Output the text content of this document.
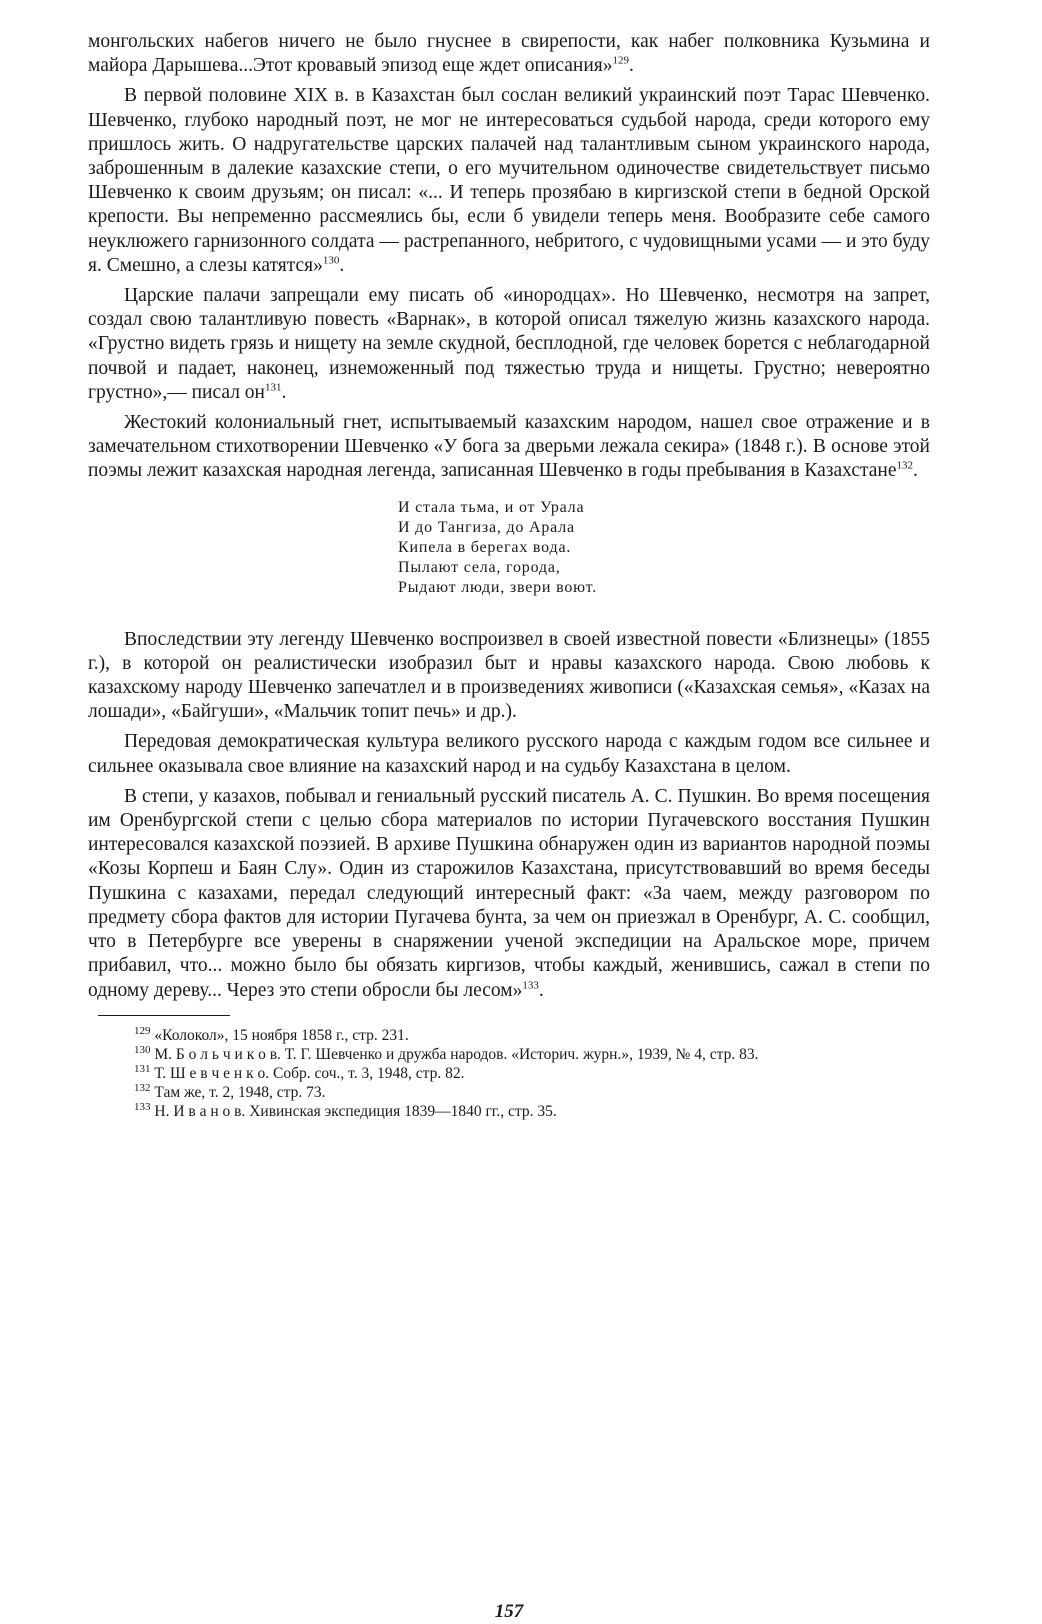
монгольских набегов ничего не было гнуснее в свирепости, как набег полковника Кузьмина и майора Дарышева...Этот кровавый эпизод еще ждет описания»$^{129}$.

В первой половине XIX в. в Казахстан был сослан великий украинский поэт Тарас Шевченко. Шевченко, глубоко народный поэт, не мог не интересоваться судьбой народа, среди которого ему пришлось жить. О надругательстве царских палачей над талантливым сыном украинского народа, заброшенным в далекие казахские степи, о его мучительном одиночестве свидетельствует письмо Шевченко к своим друзьям; он писал: «... И теперь прозябаю в киргизской степи в бедной Орской крепости. Вы непременно рассмеялись бы, если б увидели теперь меня. Вообразите себе самого неуклюжего гарнизонного солдата — растрепанного, небритого, с чудовищными усами — и это буду я. Смешно, а слезы катятся»$^{130}$.

Царские палачи запрещали ему писать об «инородцах». Но Шевченко, несмотря на запрет, создал свою талантливую повесть «Варнак», в которой описал тяжелую жизнь казахского народа. «Грустно видеть грязь и нищету на земле скудной, бесплодной, где человек борется с неблагодарной почвой и падает, наконец, изнеможенный под тяжестью труда и нищеты. Грустно; невероятно грустно»,— писал $он^{131}$.

Жестокий колониальный гнет, испытываемый казахским народом, нашел свое отражение и в замечательном стихотворении Шевченко «У бога за дверьми лежала секира» (1848 г.). В основе этой поэмы лежит казахская народная легенда, записанная Шевченко в годы пребывания в Казахстане$^{132}$.

И стала тьма, и от Урала
И до Тангиза, до Арала
Кипела в берегах вода.
Пылают села, города,
Рыдают люди, звери воют.

Впоследствии эту легенду Шевченко воспроизвел в своей известной повести «Близнецы» (1855 г.), в которой он реалистически изобразил быт и нравы казахского народа. Свою любовь к казахскому народу Шевченко запечатлел и в произведениях живописи («Казахская семья», «Казах на лошади», «Байгуши», «Мальчик топит печь» и др.).

Передовая демократическая культура великого русского народа с каждым годом все сильнее и сильнее оказывала свое влияние на казахский народ и на судьбу Казахстана в целом.

В степи, у казахов, побывал и гениальный русский писатель А. С. Пушкин. Во время посещения им Оренбургской степи с целью сбора материалов по истории Пугачевского восстания Пушкин интересовался казахской поэзией. В архиве Пушкина обнаружен один из вариантов народной поэмы «Козы Корпеш и Баян Слу». Один из старожилов Казахстана, присутствовавший во время беседы Пушкина с казахами, передал следующий интересный факт: «За чаем, между разговором по предмету сбора фактов для истории Пугачева бунта, за чем он приезжал в Оренбург, А. С. сообщил, что в Петербурге все уверены в снаряжении ученой экспедиции на Аральское море, причем прибавил, что... можно было бы обязать киргизов, чтобы каждый, женившись, сажал в степи по одному дереву... Через это степи обросли бы лесом»$^{133}$.

$^{129}$ «Колокол», 15 ноября 1858 г., стр. 231.

$^{130}$ М. Б о л ь ч и к о в. Т. Г. Шевченко и дружба народов. «Историч. журн.», 1939, № 4, стр. 83.

$^{131}$ Т. Ш е в ч е н к о. Собр. соч., т. 3, 1948, стр. 82.

$^{132}$ Там же, т. 2, 1948, стр. 73.

$^{133}$ Н. И в а н о в. Хивинская экспедиция 1839—1840 гг., стр. 35.

157
